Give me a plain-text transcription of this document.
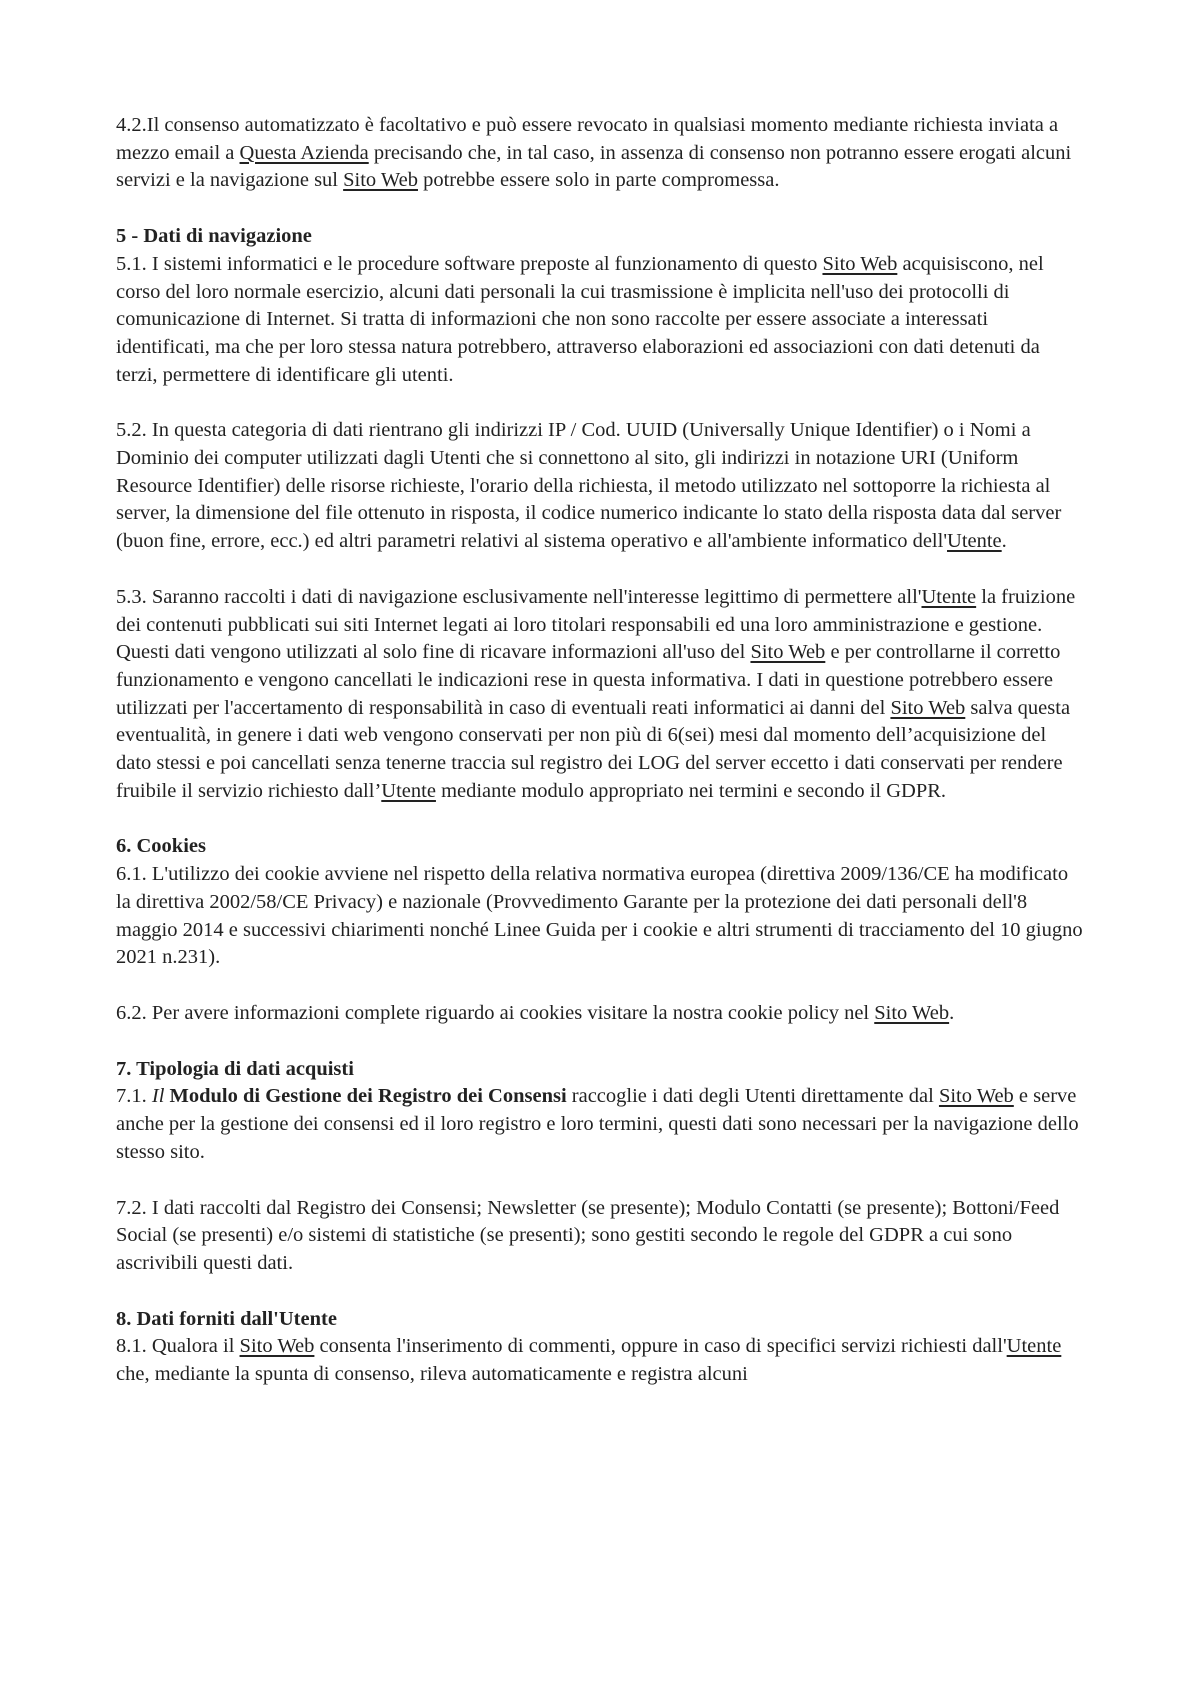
4.2.Il consenso automatizzato è facoltativo e può essere revocato in qualsiasi momento mediante richiesta inviata a mezzo email a Questa Azienda precisando che, in tal caso, in assenza di consenso non potranno essere erogati alcuni servizi e la navigazione sul Sito Web potrebbe essere solo in parte compromessa.

5 - Dati di navigazione

5.1. I sistemi informatici e le procedure software preposte al funzionamento di questo Sito Web acquisiscono, nel corso del loro normale esercizio, alcuni dati personali la cui trasmissione è implicita nell'uso dei protocolli di comunicazione di Internet. Si tratta di informazioni che non sono raccolte per essere associate a interessati identificati, ma che per loro stessa natura potrebbero, attraverso elaborazioni ed associazioni con dati detenuti da terzi, permettere di identificare gli utenti.

5.2. In questa categoria di dati rientrano gli indirizzi IP / Cod. UUID (Universally Unique Identifier) o i Nomi a Dominio dei computer utilizzati dagli Utenti che si connettono al sito, gli indirizzi in notazione URI (Uniform Resource Identifier) delle risorse richieste, l'orario della richiesta, il metodo utilizzato nel sottoporre la richiesta al server, la dimensione del file ottenuto in risposta, il codice numerico indicante lo stato della risposta data dal server (buon fine, errore, ecc.) ed altri parametri relativi al sistema operativo e all'ambiente informatico dell'Utente.

5.3. Saranno raccolti i dati di navigazione esclusivamente nell'interesse legittimo di permettere all'Utente la fruizione dei contenuti pubblicati sui siti Internet legati ai loro titolari responsabili ed una loro amministrazione e gestione. Questi dati vengono utilizzati al solo fine di ricavare informazioni all'uso del Sito Web e per controllarne il corretto funzionamento e vengono cancellati le indicazioni rese in questa informativa. I dati in questione potrebbero essere utilizzati per l'accertamento di responsabilità in caso di eventuali reati informatici ai danni del Sito Web salva questa eventualità, in genere i dati web vengono conservati per non più di 6(sei) mesi dal momento dell’acquisizione del dato stessi e poi cancellati senza tenerne traccia sul registro dei LOG del server eccetto i dati conservati per rendere fruibile il servizio richiesto dall’Utente mediante modulo appropriato nei termini e secondo il GDPR.

6. Cookies

6.1. L'utilizzo dei cookie avviene nel rispetto della relativa normativa europea (direttiva 2009/136/CE ha modificato la direttiva 2002/58/CE Privacy) e nazionale (Provvedimento Garante per la protezione dei dati personali dell'8 maggio 2014 e successivi chiarimenti nonché Linee Guida per i cookie e altri strumenti di tracciamento del 10 giugno 2021 n.231).

6.2. Per avere informazioni complete riguardo ai cookies visitare la nostra cookie policy nel Sito Web.

7. Tipologia di dati acquisti

7.1. Il Modulo di Gestione dei Registro dei Consensi raccoglie i dati degli Utenti direttamente dal Sito Web e serve anche per la gestione dei consensi ed il loro registro e loro termini, questi dati sono necessari per la navigazione dello stesso sito.

7.2. I dati raccolti dal Registro dei Consensi; Newsletter (se presente); Modulo Contatti (se presente); Bottoni/Feed Social (se presenti) e/o sistemi di statistiche (se presenti); sono gestiti secondo le regole del GDPR a cui sono ascrivibili questi dati.

8. Dati forniti dall'Utente

8.1. Qualora il Sito Web consenta l'inserimento di commenti, oppure in caso di specifici servizi richiesti dall'Utente che, mediante la spunta di consenso, rileva automaticamente e registra alcuni
